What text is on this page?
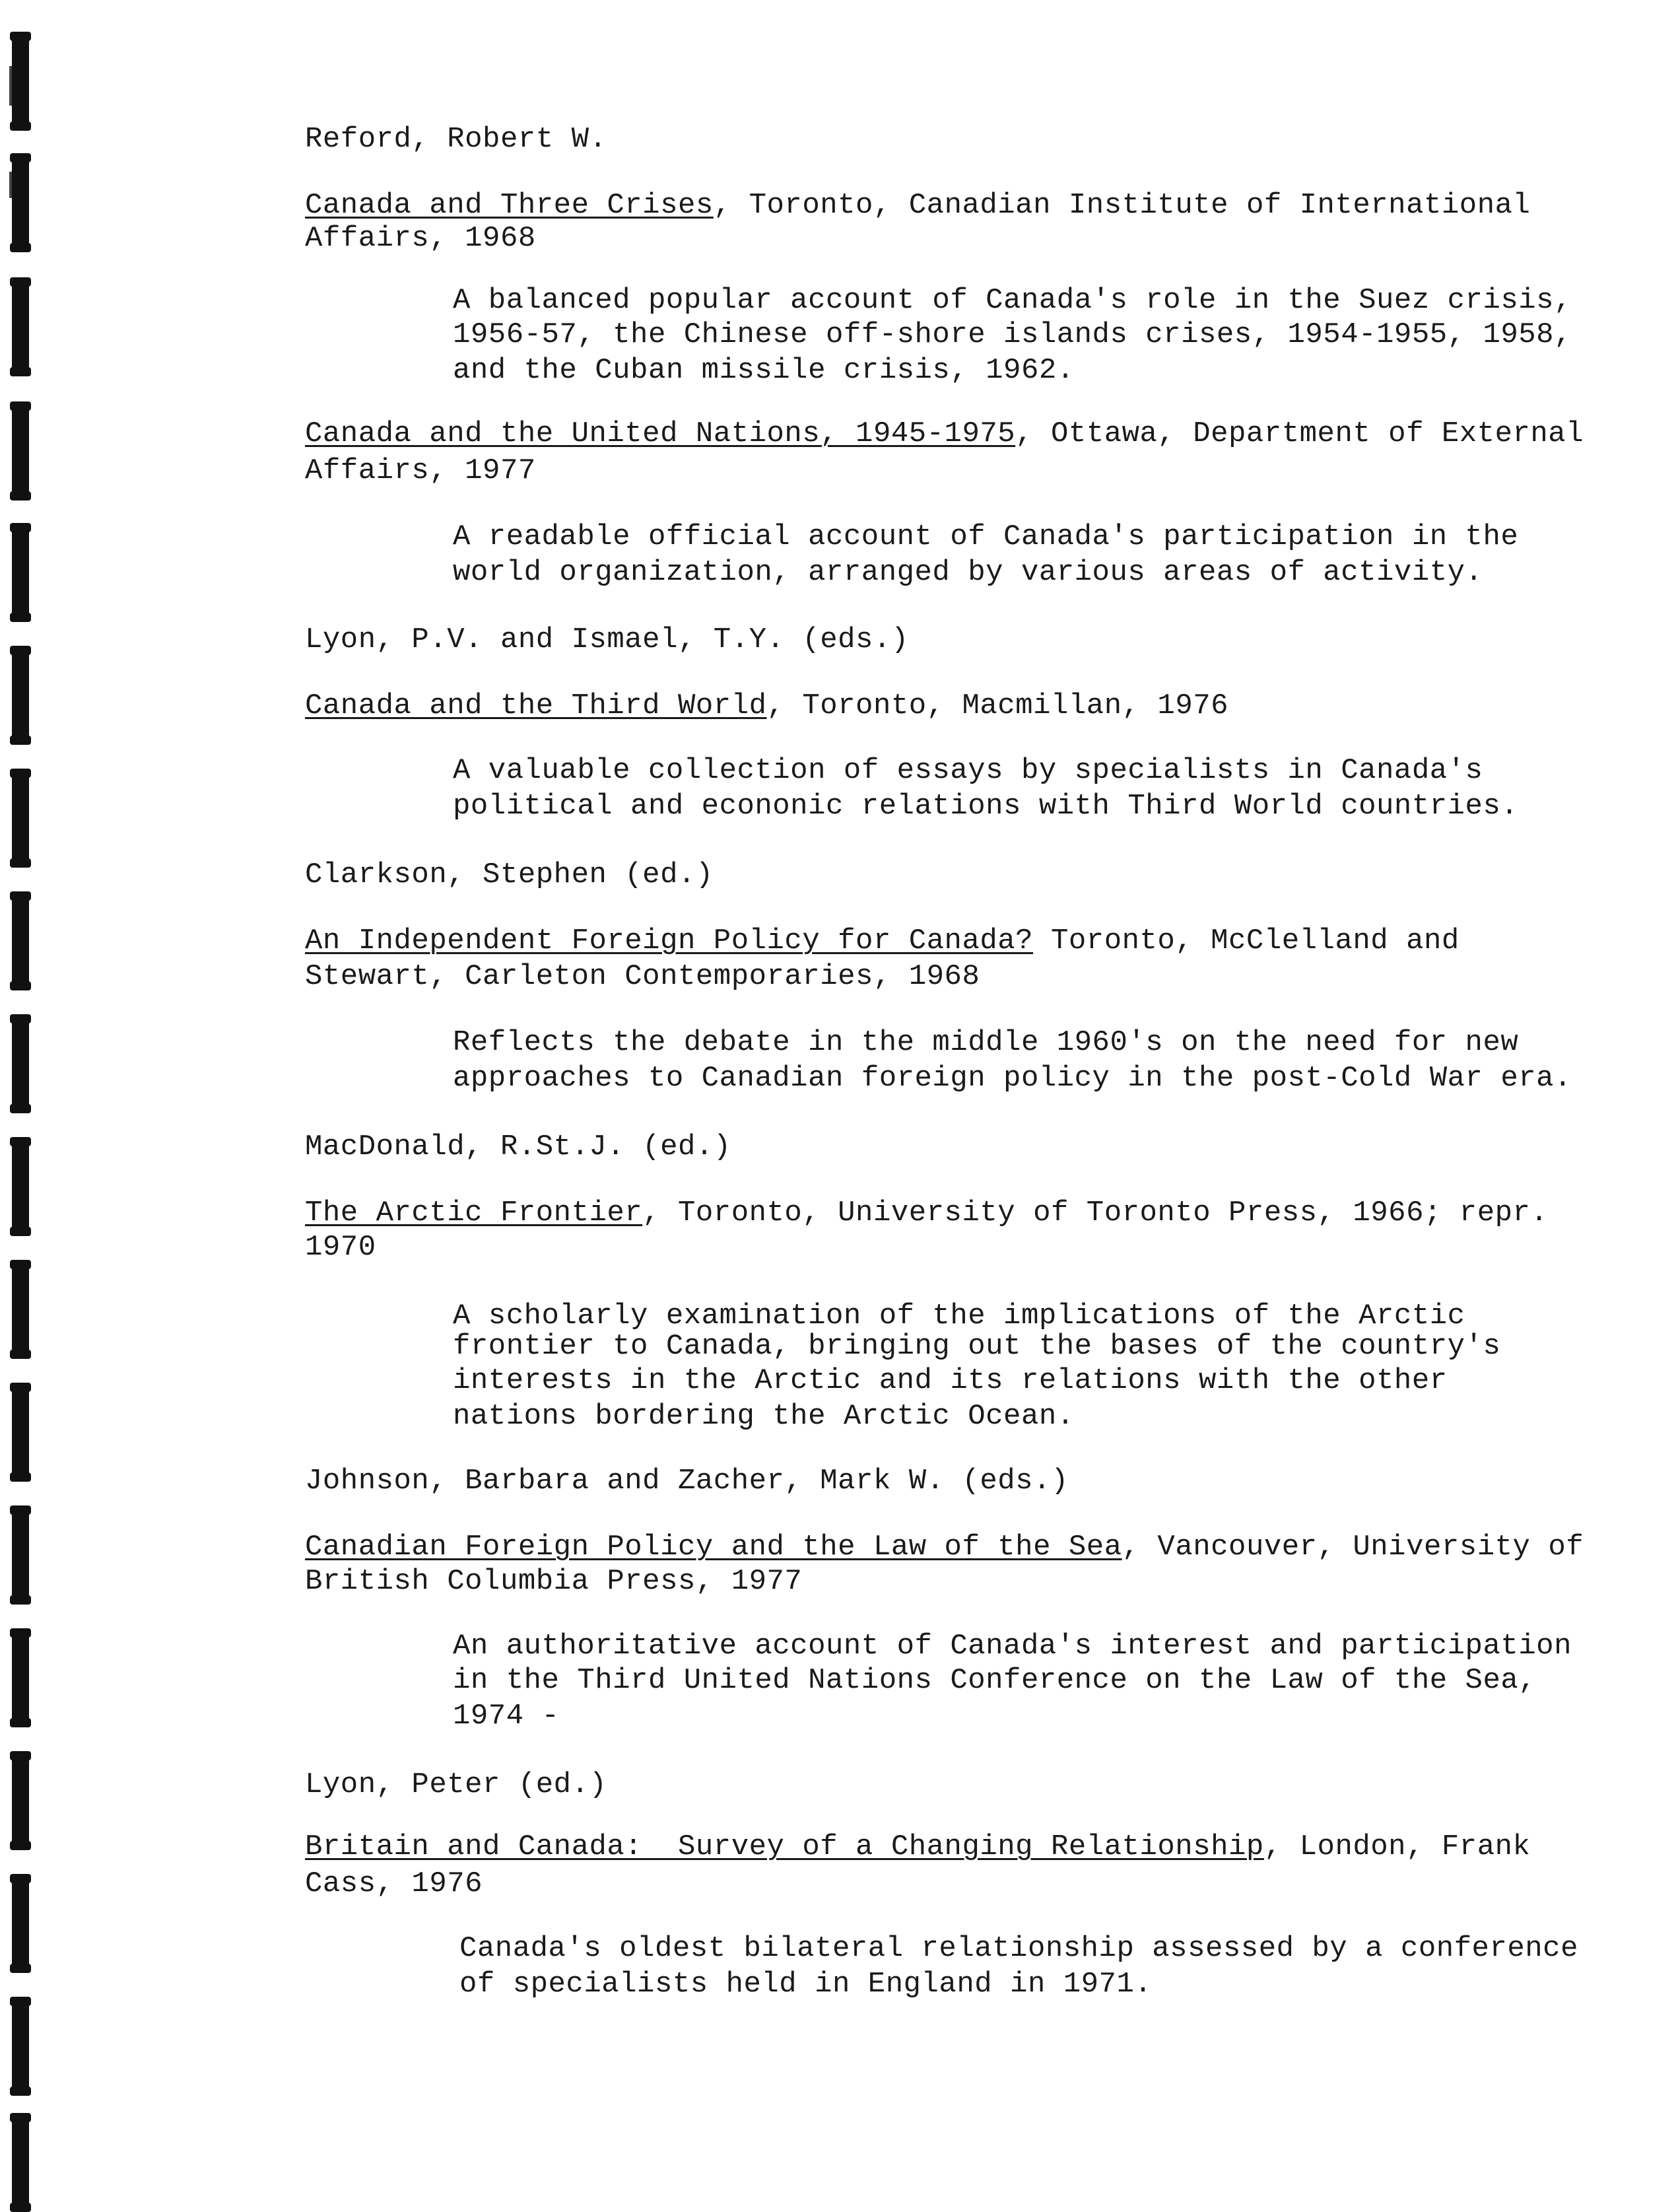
Reford, Robert W.
Canada and Three Crises, Toronto, Canadian Institute of International
Affairs, 1968
A balanced popular account of Canada's role in the Suez crisis,
1956-57, the Chinese off-shore islands crises, 1954-1955, 1958,
and the Cuban missile crisis, 1962.
Canada and the United Nations, 1945-1975, Ottawa, Department of External
Affairs, 1977
A readable official account of Canada's participation in the
world organization, arranged by various areas of activity.
Lyon, P.V. and Ismael, T.Y. (eds.)
Canada and the Third World, Toronto, Macmillan, 1976
A valuable collection of essays by specialists in Canada's
political and econonic relations with Third World countries.
Clarkson, Stephen (ed.)
An Independent Foreign Policy for Canada? Toronto, McClelland and
Stewart, Carleton Contemporaries, 1968
Reflects the debate in the middle 1960's on the need for new
approaches to Canadian foreign policy in the post-Cold War era.
MacDonald, R.St.J. (ed.)
The Arctic Frontier, Toronto, University of Toronto Press, 1966; repr.
1970
A scholarly examination of the implications of the Arctic
frontier to Canada, bringing out the bases of the country's
interests in the Arctic and its relations with the other
nations bordering the Arctic Ocean.
Johnson, Barbara and Zacher, Mark W. (eds.)
Canadian Foreign Policy and the Law of the Sea, Vancouver, University of
British Columbia Press, 1977
An authoritative account of Canada's interest and participation
in the Third United Nations Conference on the Law of the Sea,
1974 -
Lyon, Peter (ed.)
Britain and Canada:  Survey of a Changing Relationship, London, Frank
Cass, 1976
Canada's oldest bilateral relationship assessed by a conference
of specialists held in England in 1971.
